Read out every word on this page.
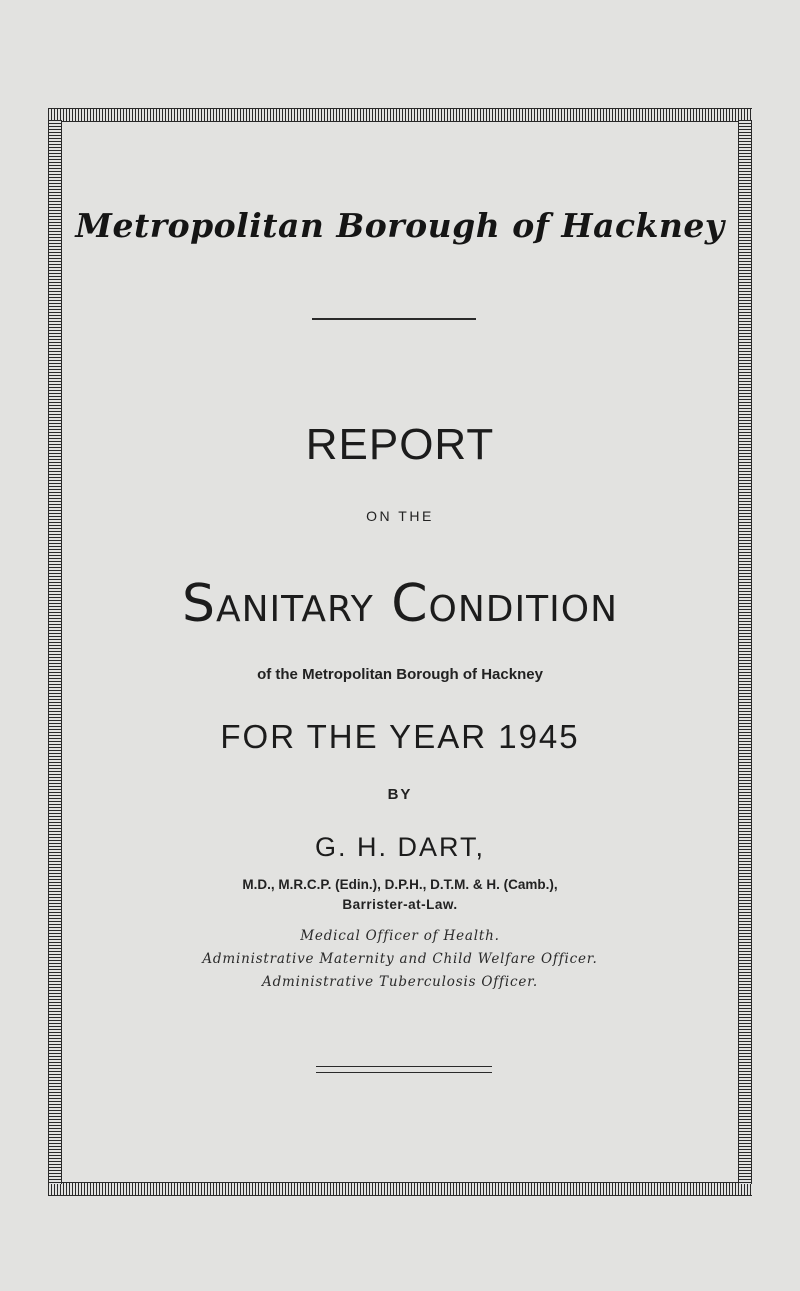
Metropolitan Borough of Hackney
REPORT
ON THE
Sanitary Condition
of the Metropolitan Borough of Hackney
FOR THE YEAR 1945
BY
G. H. DART,
M.D., M.R.C.P. (Edin.), D.P.H., D.T.M. & H. (Camb.),
Barrister-at-Law.
Medical Officer of Health.
Administrative Maternity and Child Welfare Officer.
Administrative Tuberculosis Officer.
